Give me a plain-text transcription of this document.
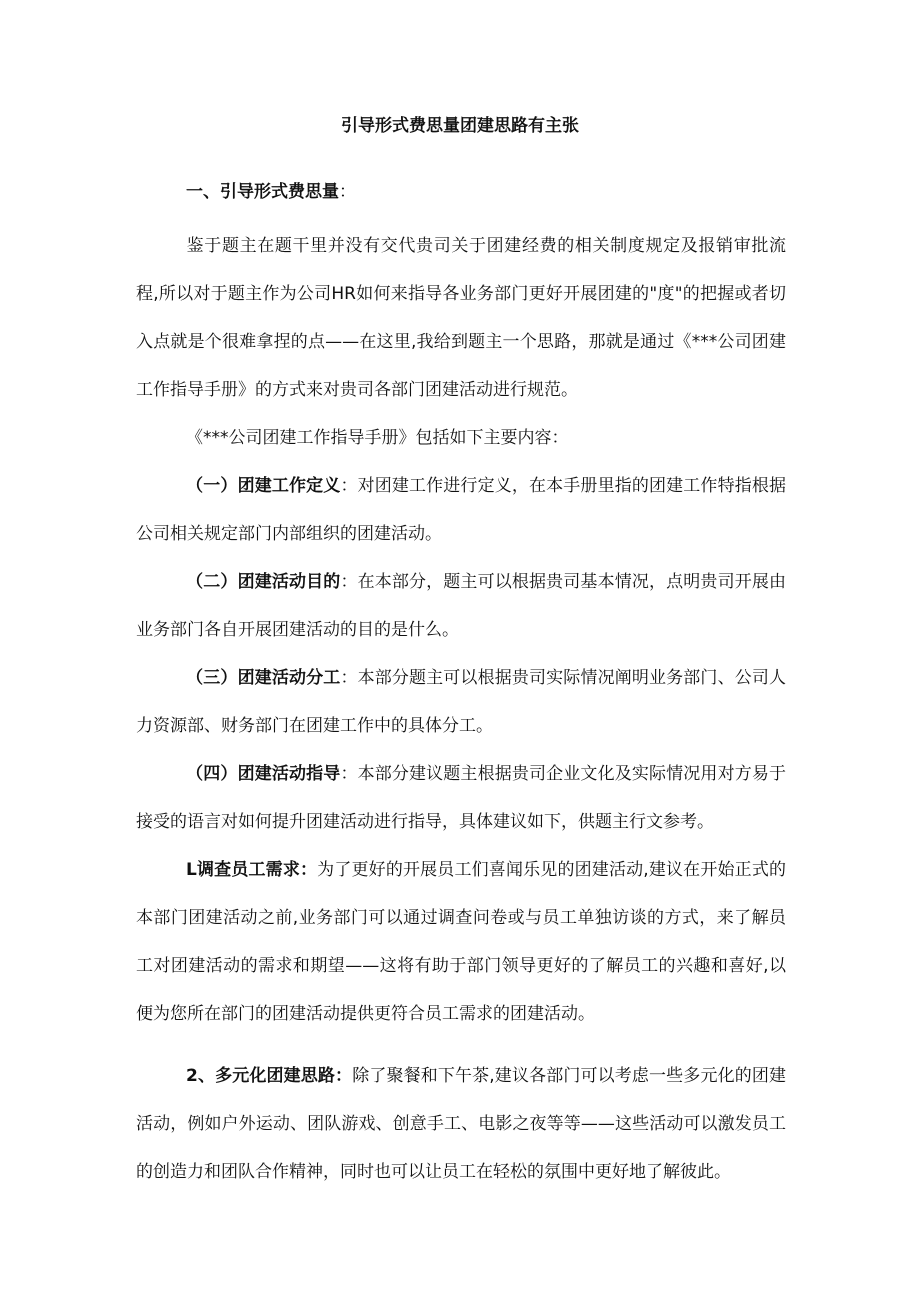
引导形式费思量团建思路有主张

一、引导形式费思量：

鉴于题主在题干里并没有交代贵司关于团建经费的相关制度规定及报销审批流程,所以对于题主作为公司HR如何来指导各业务部门更好开展团建的"度"的把握或者切入点就是个很难拿捏的点——在这里,我给到题主一个思路，那就是通过《***公司团建工作指导手册》的方式来对贵司各部门团建活动进行规范。

《***公司团建工作指导手册》包括如下主要内容：

（一）团建工作定义：对团建工作进行定义，在本手册里指的团建工作特指根据公司相关规定部门内部组织的团建活动。

（二）团建活动目的：在本部分，题主可以根据贵司基本情况，点明贵司开展由业务部门各自开展团建活动的目的是什么。

（三）团建活动分工：本部分题主可以根据贵司实际情况阐明业务部门、公司人力资源部、财务部门在团建工作中的具体分工。

（四）团建活动指导：本部分建议题主根据贵司企业文化及实际情况用对方易于接受的语言对如何提升团建活动进行指导，具体建议如下，供题主行文参考。

L调查员工需求：为了更好的开展员工们喜闻乐见的团建活动,建议在开始正式的本部门团建活动之前,业务部门可以通过调查问卷或与员工单独访谈的方式，来了解员工对团建活动的需求和期望——这将有助于部门领导更好的了解员工的兴趣和喜好,以便为您所在部门的团建活动提供更符合员工需求的团建活动。

2、多元化团建思路：除了聚餐和下午茶,建议各部门可以考虑一些多元化的团建活动，例如户外运动、团队游戏、创意手工、电影之夜等等——这些活动可以激发员工的创造力和团队合作精神，同时也可以让员工在轻松的氛围中更好地了解彼此。
